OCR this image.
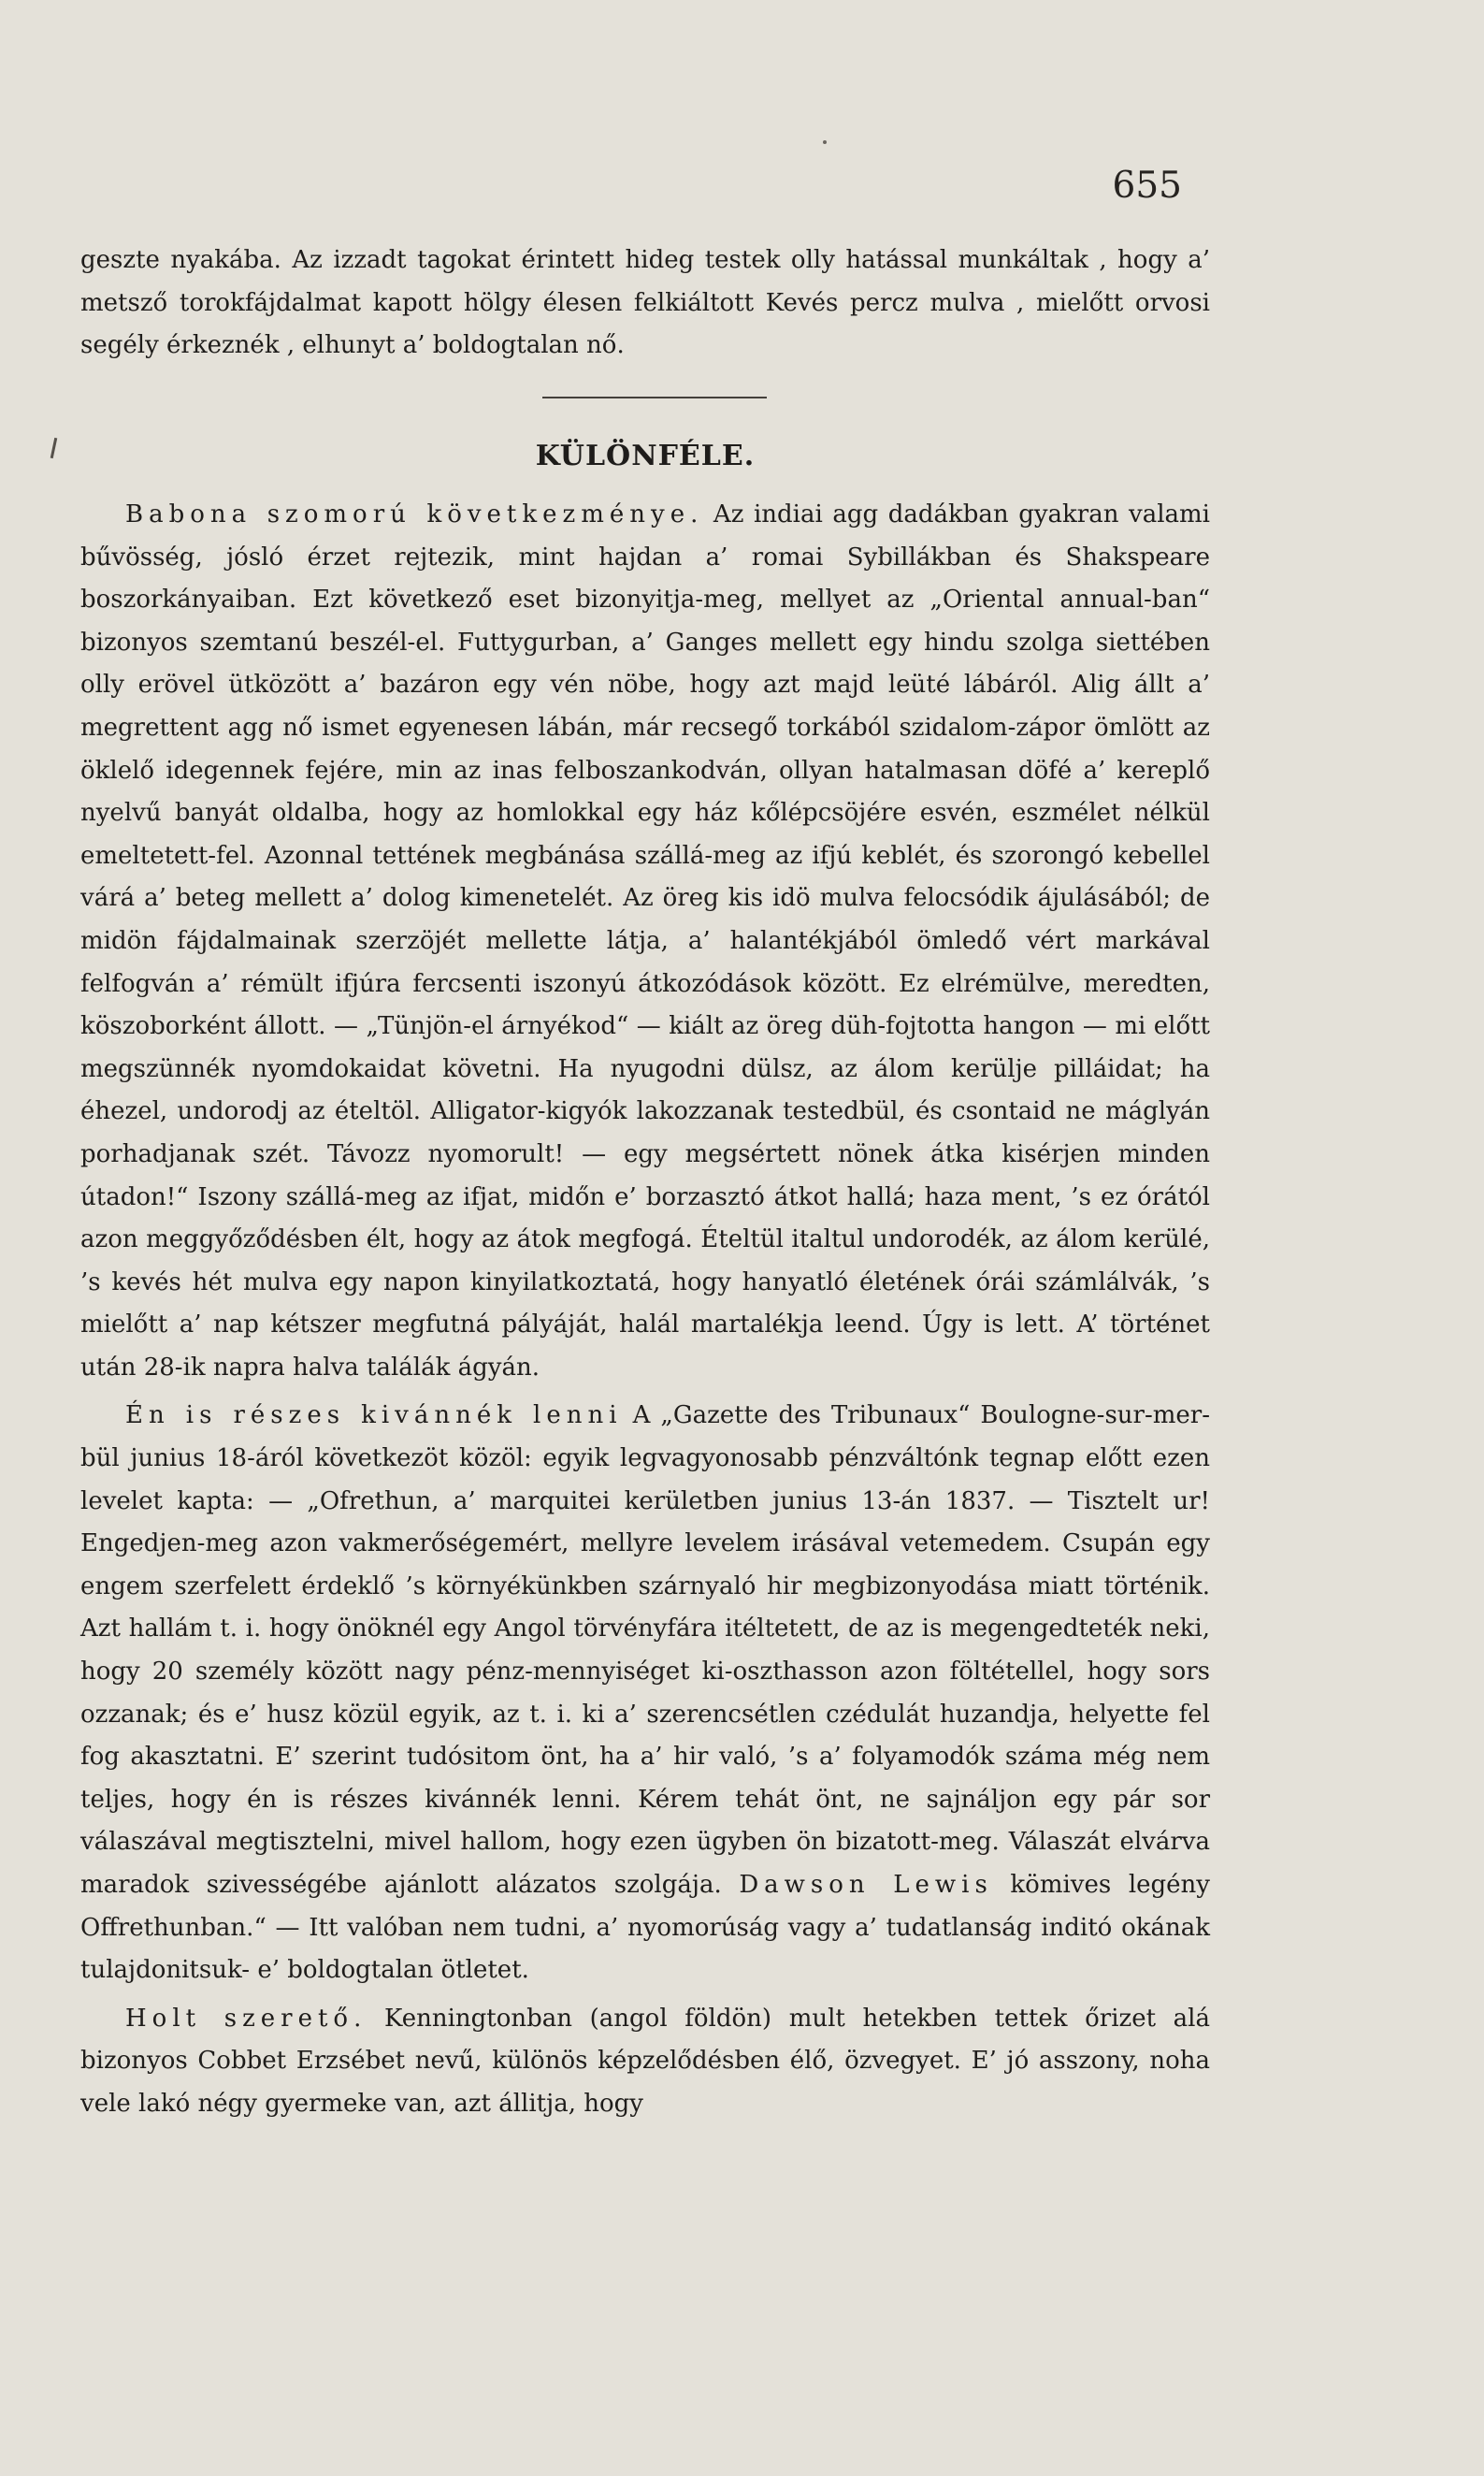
655

geszte nyakába. Az izzadt tagokat érintett hideg testek olly hatással munkáltak , hogy a’ metsző torokfájdalmat kapott hölgy élesen felkiáltott Kevés percz mulva , mielőtt orvosi segély érkeznék , elhunyt a’ boldogtalan nő.

KÜLÖNFÉLE.

Babona szomorú következménye. Az indiai agg dadákban gyakran valami bűvösség, jósló érzet rejtezik, mint hajdan a’ romai Sybillákban és Shakspeare boszorkányaiban. Ezt következő eset bizonyitja-meg, mellyet az „Oriental annual-ban“ bizonyos szemtanú beszél-el. Futtygurban, a’ Ganges mellett egy hindu szolga siettében olly erövel ütközött a’ bazáron egy vén nöbe, hogy azt majd leüté lábáról. Alig állt a’ megrettent agg nő ismet egyenesen lábán, már recsegő torkából szidalom-zápor ömlött az öklelő idegennek fejére, min az inas felboszankodván, ollyan hatalmasan döfé a’ kereplő nyelvű banyát oldalba, hogy az homlokkal egy ház kőlépcsöjére esvén, eszmélet nélkül emeltetett-fel. Azonnal tettének megbánása szállá-meg az ifjú keblét, és szorongó kebellel várá a’ beteg mellett a’ dolog kimenetelét. Az öreg kis idö mulva felocsódik ájulásából; de midön fájdalmainak szerzöjét mellette látja, a’ halantékjából ömledő vért markával felfogván a’ rémült ifjúra fercsenti iszonyú átkozódások között. Ez elrémülve, meredten, köszoborként állott. — „Tünjön-el árnyékod“ — kiált az öreg düh-fojtotta hangon — mi előtt megszünnék nyomdokaidat követni. Ha nyugodni dülsz, az álom kerülje pilláidat; ha éhezel, undorodj az ételtöl. Alligator-kigyók lakozzanak testedbül, és csontaid ne máglyán porhadjanak szét. Távozz nyomorult! — egy megsértett nönek átka kisérjen minden útadon!“ Iszony szállá-meg az ifjat, midőn e’ borzasztó átkot hallá; haza ment, ’s ez órától azon meggyőződésben élt, hogy az átok megfogá. Ételtül italtul undorodék, az álom kerülé, ’s kevés hét mulva egy napon kinyilatkoztatá, hogy hanyatló életének órái számlálvák, ’s mielőtt a’ nap kétszer megfutná pályáját, halál martalékja leend. Úgy is lett. A’ történet után 28-ik napra halva találák ágyán.

Én is részes kivánnék lenni A „Gazette des Tribunaux“ Boulogne-sur-mer-bül junius 18-áról következöt közöl: egyik legvagyonosabb pénzváltónk tegnap előtt ezen levelet kapta: — „Ofrethun, a’ marquitei kerületben junius 13-án 1837. — Tisztelt ur! Engedjen-meg azon vakmerőségemért, mellyre levelem irásával vetemedem. Csupán egy engem szerfelett érdeklő ’s környékünkben szárnyaló hir megbizonyodása miatt történik. Azt hallám t. i. hogy önöknél egy Angol törvényfára itéltetett, de az is megengedteték neki, hogy 20 személy között nagy pénz-mennyiséget ki-oszthasson azon föltétellel, hogy sors ozzanak; és e’ husz közül egyik, az t. i. ki a’ szerencsétlen czédulát huzandja, helyette fel fog akasztatni. E’ szerint tudósitom önt, ha a’ hir való, ’s a’ folyamodók száma még nem teljes, hogy én is részes kivánnék lenni. Kérem tehát önt, ne sajnáljon egy pár sor válaszával megtisztelni, mivel hallom, hogy ezen ügyben ön bizatott-meg. Válaszát elvárva maradok szivességébe ajánlott alázatos szolgája. Dawson Lewis kömives legény Offrethunban.“ — Itt valóban nem tudni, a’ nyomorúság vagy a’ tudatlanság inditó okának tulajdonitsuk- e’ boldogtalan ötletet.

Holt szerető. Kenningtonban (angol földön) mult hetekben tettek őrizet alá bizonyos Cobbet Erzsébet nevű, különös képzelődésben élő, özvegyet. E’ jó asszony, noha vele lakó négy gyermeke van, azt állitja, hogy
